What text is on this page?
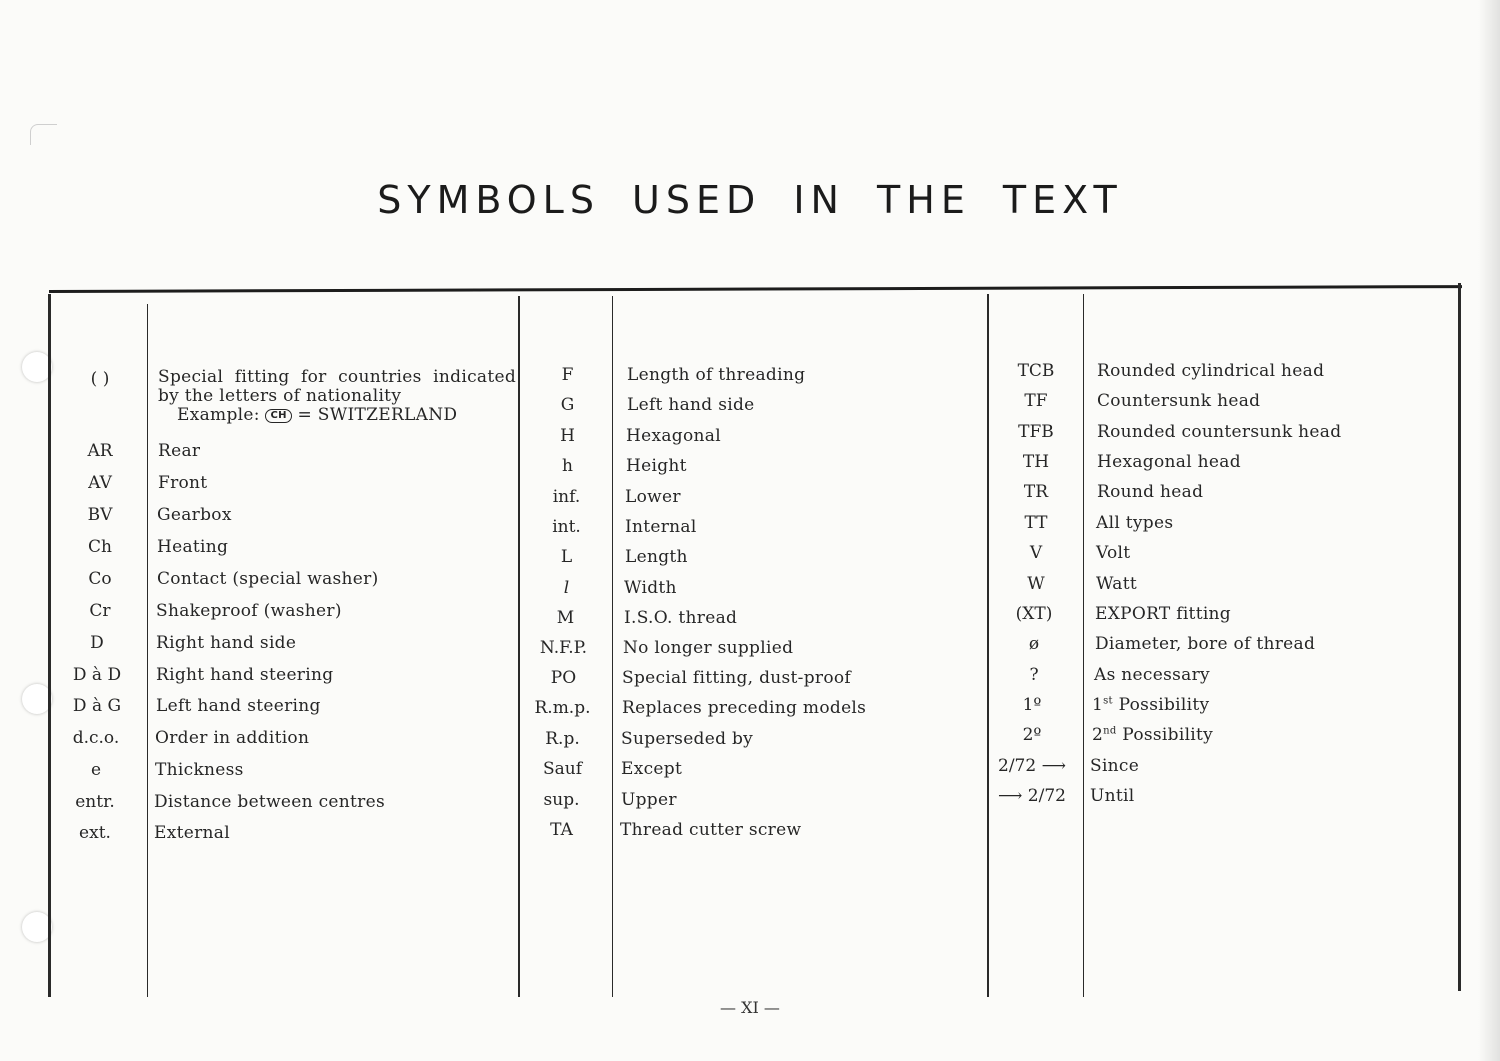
SYMBOLS USED IN THE TEXT
( )	Special fitting for countries indicated by the letters of nationality
Example: CH = SWITZERLAND
AR	Rear
AV	Front
BV	Gearbox
Ch	Heating
Co	Contact (special washer)
Cr	Shakeproof (washer)
D	Right hand side
D à D	Right hand steering
D à G	Left hand steering
d.c.o.	Order in addition
e	Thickness
entr.	Distance between centres
ext.	External
F	Length of threading
G	Left hand side
H	Hexagonal
h	Height
inf.	Lower
int.	Internal
L	Length
l	Width
M	I.S.O. thread
N.F.P.	No longer supplied
PO	Special fitting, dust-proof
R.m.p.	Replaces preceding models
R.p.	Superseded by
Sauf	Except
sup.	Upper
TA	Thread cutter screw
TCB	Rounded cylindrical head
TF	Countersunk head
TFB	Rounded countersunk head
TH	Hexagonal head
TR	Round head
TT	All types
V	Volt
W	Watt
(XT)	EXPORT fitting
ø	Diameter, bore of thread
?	As necessary
1º	1st Possibility
2º	2nd Possibility
2/72 ⟶	Since
⟶ 2/72	Until
— XI —
